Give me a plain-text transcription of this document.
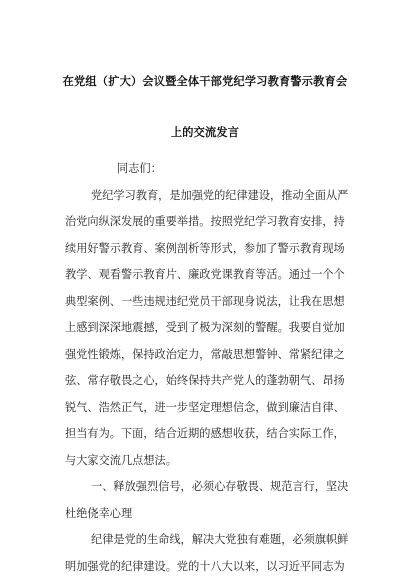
在党组（扩大）会议暨全体干部党纪学习教育警示教育会
上的交流发言
同志们：
党纪学习教育，是加强党的纪律建设，推动全面从严
治党向纵深发展的重要举措。按照党纪学习教育安排，持
续用好警示教育、案例剖析等形式，参加了警示教育现场
教学、观看警示教育片、廉政党课教育等活。通过一个个
典型案例、一些违规违纪党员干部现身说法，让我在思想
上感到深深地震撼，受到了极为深刻的警醒。我要自觉加
强党性锻炼，保持政治定力，常敲思想警钟、常紧纪律之
弦、常存敬畏之心，始终保持共产党人的蓬勃朝气、昂扬
锐气、浩然正气，进一步坚定理想信念，做到廉洁自律、
担当有为。下面，结合近期的感想收获，结合实际工作，
与大家交流几点想法。
一、释放强烈信号，必须心存敬畏、规范言行，坚决
杜绝侥幸心理
纪律是党的生命线，解决大党独有难题，必须旗帜鲜
明加强党的纪律建设。党的十八大以来，以习近平同志为
